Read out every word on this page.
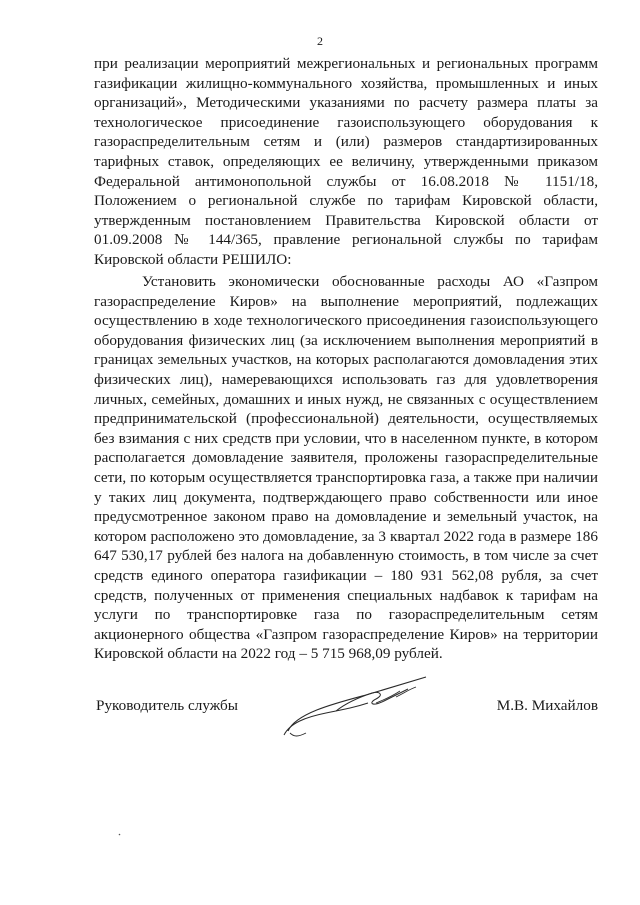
2

при реализации мероприятий межрегиональных и региональных программ газификации жилищно-коммунального хозяйства, промышленных и иных организаций», Методическими указаниями по расчету размера платы за технологическое присоединение газоиспользующего оборудования к газораспределительным сетям и (или) размеров стандартизированных тарифных ставок, определяющих ее величину, утвержденными приказом Федеральной антимонопольной службы от 16.08.2018 № 1151/18, Положением о региональной службе по тарифам Кировской области, утвержденным постановлением Правительства Кировской области от 01.09.2008 № 144/365, правление региональной службы по тарифам Кировской области РЕШИЛО:

Установить экономически обоснованные расходы АО «Газпром газораспределение Киров» на выполнение мероприятий, подлежащих осуществлению в ходе технологического присоединения газоиспользующего оборудования физических лиц (за исключением выполнения мероприятий в границах земельных участков, на которых располагаются домовладения этих физических лиц), намеревающихся использовать газ для удовлетворения личных, семейных, домашних и иных нужд, не связанных с осуществлением предпринимательской (профессиональной) деятельности, осуществляемых без взимания с них средств при условии, что в населенном пункте, в котором располагается домовладение заявителя, проложены газораспределительные сети, по которым осуществляется транспортировка газа, а также при наличии у таких лиц документа, подтверждающего право собственности или иное предусмотренное законом право на домовладение и земельный участок, на котором расположено это домовладение, за 3 квартал 2022 года в размере 186 647 530,17 рублей без налога на добавленную стоимость, в том числе за счет средств единого оператора газификации – 180 931 562,08 рубля, за счет средств, полученных от применения специальных надбавок к тарифам на услуги по транспортировке газа по газораспределительным сетям акционерного общества «Газпром газораспределение Киров» на территории Кировской области на 2022 год – 5 715 968,09 рублей.

Руководитель службы	М.В. Михайлов
